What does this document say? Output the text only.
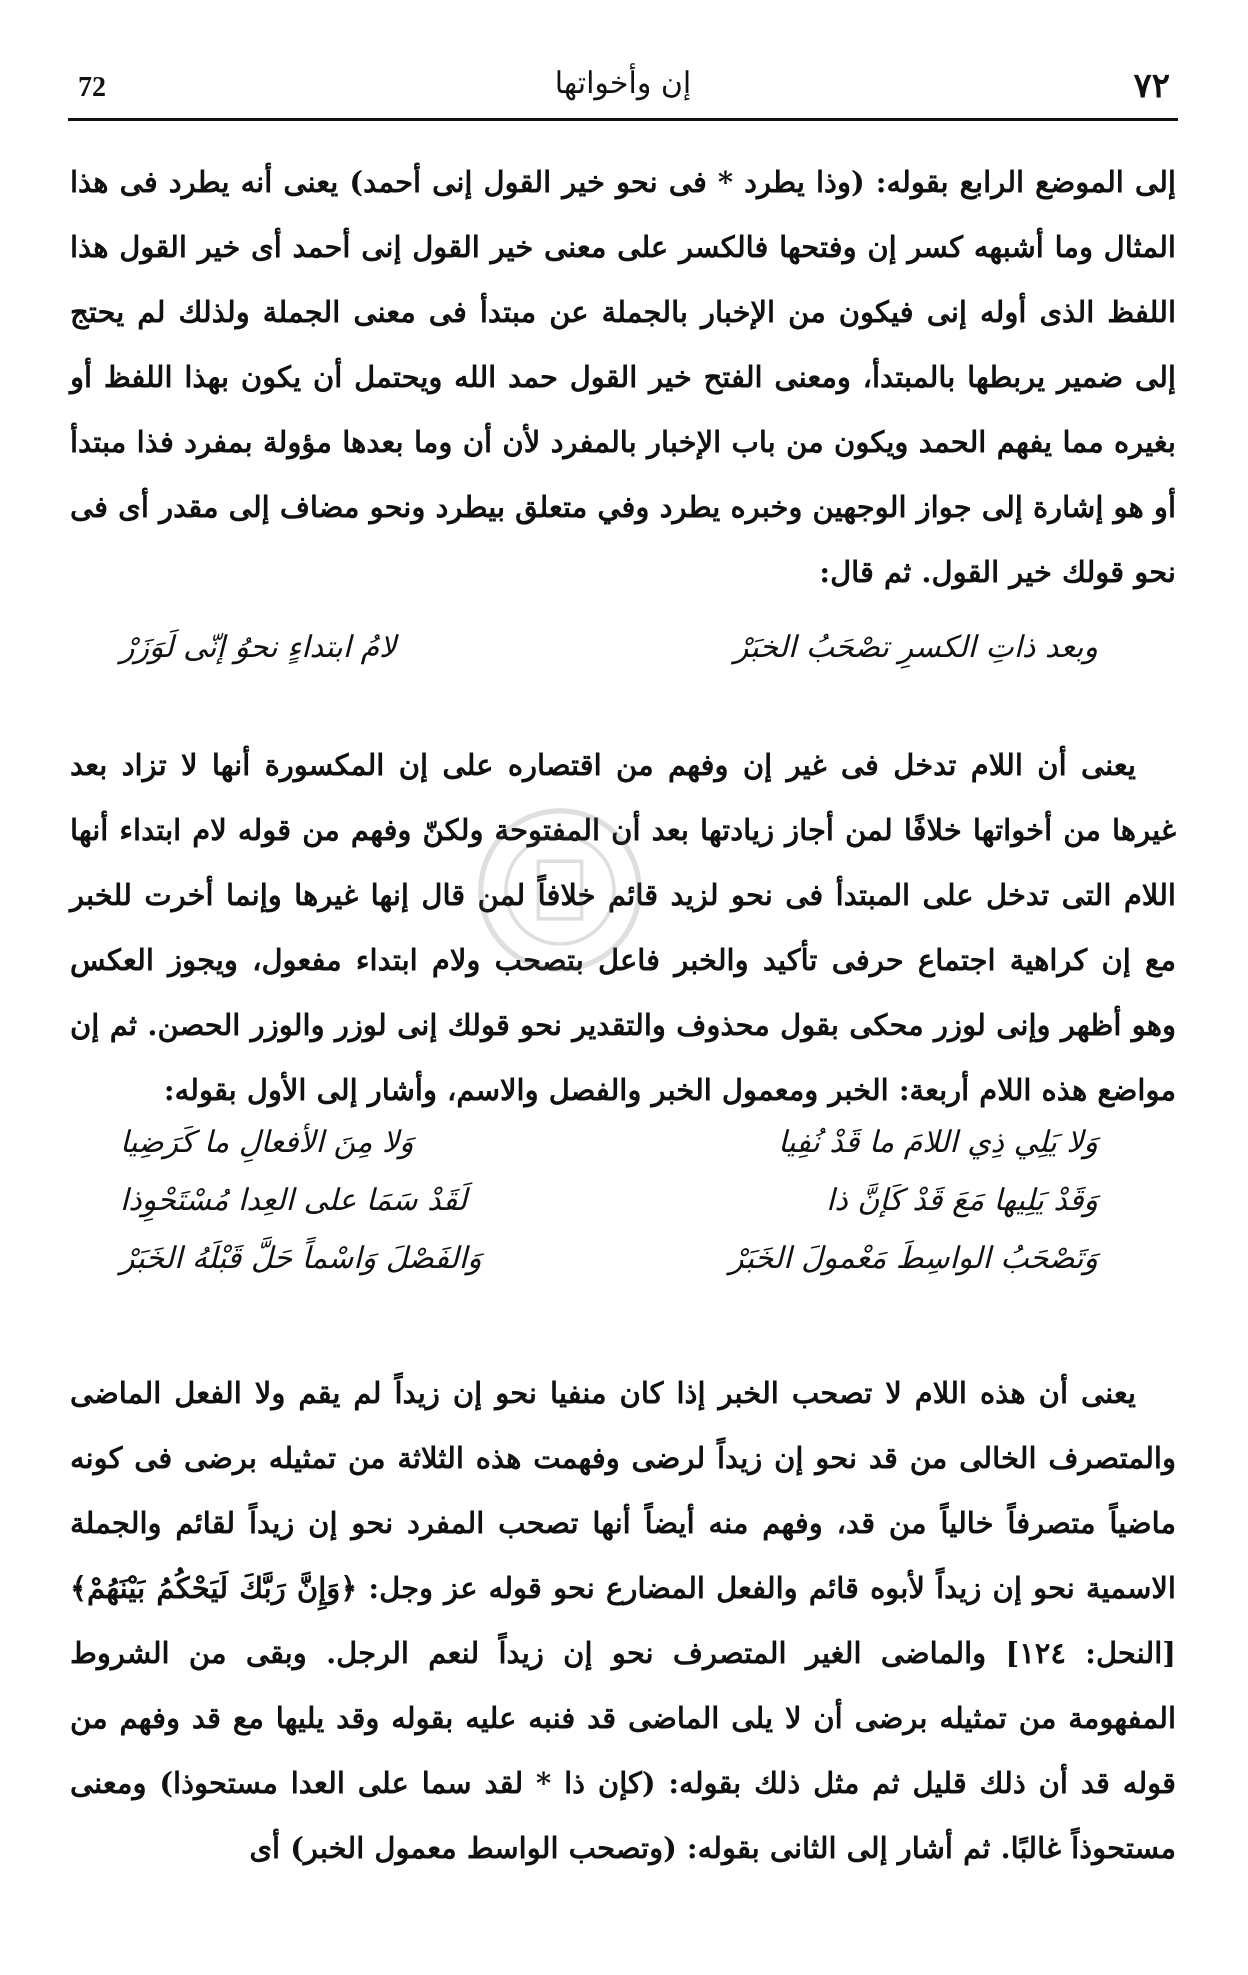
72	إن وأخواتها	٧٢

إلى الموضع الرابع بقوله: (وذا يطرد * فى نحو خير القول إنى أحمد) يعنى أنه يطرد فى هذا المثال وما أشبهه كسر إن وفتحها فالكسر على معنى خير القول إنى أحمد أى خير القول هذا اللفظ الذى أوله إنى فيكون من الإخبار بالجملة عن مبتدأ فى معنى الجملة ولذلك لم يحتج إلى ضمير يربطها بالمبتدأ، ومعنى الفتح خير القول حمد الله ويحتمل أن يكون بهذا اللفظ أو بغيره مما يفهم الحمد ويكون من باب الإخبار بالمفرد لأن أن وما بعدها مؤولة بمفرد فذا مبتدأ أو هو إشارة إلى جواز الوجهين وخبره يطرد وفي متعلق بيطرد ونحو مضاف إلى مقدر أى فى نحو قولك خير القول. ثم قال:

وبعد ذاتِ الكسرِ تصْحَبُ الخبَرْ
لامُ ابتداءٍ نحوُ إنّى لَوَزَرْ

يعنى أن اللام تدخل فى غير إن وفهم من اقتصاره على إن المكسورة أنها لا تزاد بعد غيرها من أخواتها خلافًا لمن أجاز زيادتها بعد أن المفتوحة ولكنّ وفهم من قوله لام ابتداء أنها اللام التى تدخل على المبتدأ فى نحو لزيد قائم خلافاً لمن قال إنها غيرها وإنما أخرت للخبر مع إن كراهية اجتماع حرفى تأكيد والخبر فاعل بتصحب ولام ابتداء مفعول، ويجوز العكس وهو أظهر وإنى لوزر محكى بقول محذوف والتقدير نحو قولك إنى لوزر والوزر الحصن. ثم إن مواضع هذه اللام أربعة: الخبر ومعمول الخبر والفصل والاسم، وأشار إلى الأول بقوله:

وَلا يَلِي ذِي اللامَ ما قَدْ نُفِيا
وَلا مِنَ الأفعالِ ما كَرَضِيا
وَقَدْ يَلِيها مَعَ قَدْ كَإنَّ ذا
لَقَدْ سَمَا على العِدا مُسْتَحْوِذا
وَتَصْحَبُ الواسِطَ مَعْمولَ الخَبَرْ
وَالفَصْلَ وَاسْماً حَلَّ قَبْلَهُ الخَبَرْ

يعنى أن هذه اللام لا تصحب الخبر إذا كان منفيا نحو إن زيداً لم يقم ولا الفعل الماضى والمتصرف الخالى من قد نحو إن زيداً لرضى وفهمت هذه الثلاثة من تمثيله برضى فى كونه ماضياً متصرفاً خالياً من قد، وفهم منه أيضاً أنها تصحب المفرد نحو إن زيداً لقائم والجملة الاسمية نحو إن زيداً لأبوه قائم والفعل المضارع نحو قوله عز وجل: ﴿وَإِنَّ رَبَّكَ لَيَحْكُمُ بَيْنَهُمْ﴾ [النحل: ١٢٤] والماضى الغير المتصرف نحو إن زيداً لنعم الرجل. وبقى من الشروط المفهومة من تمثيله برضى أن لا يلى الماضى قد فنبه عليه بقوله وقد يليها مع قد وفهم من قوله قد أن ذلك قليل ثم مثل ذلك بقوله: (كإن ذا * لقد سما على العدا مستحوذا) ومعنى مستحوذاً غالبًا. ثم أشار إلى الثانى بقوله: (وتصحب الواسط معمول الخبر) أى
